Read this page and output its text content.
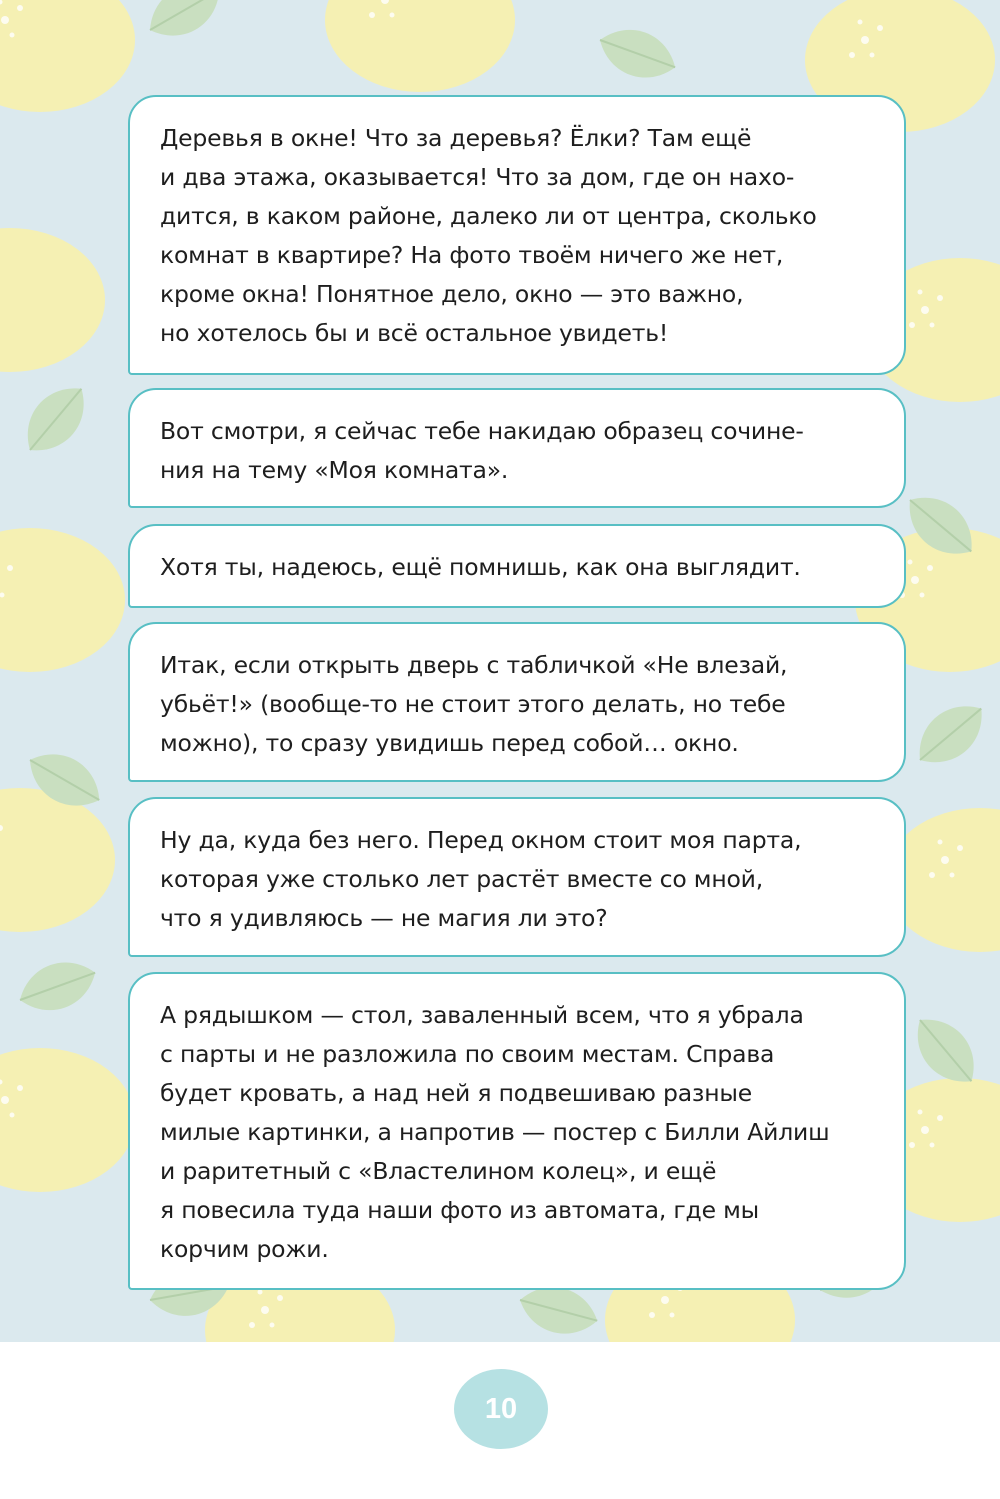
Деревья в окне! Что за деревья? Ёлки? Там ещё
и два этажа, оказывается! Что за дом, где он нахо-
дится, в каком районе, далеко ли от центра, сколько
комнат в квартире? На фото твоём ничего же нет,
кроме окна! Понятное дело, окно — это важно,
но хотелось бы и всё остальное увидеть!

Вот смотри, я сейчас тебе накидаю образец сочине-
ния на тему «Моя комната».

Хотя ты, надеюсь, ещё помнишь, как она выглядит.

Итак, если открыть дверь с табличкой «Не влезай,
убьёт!» (вообще-то не стоит этого делать, но тебе
можно), то сразу увидишь перед собой… окно.

Ну да, куда без него. Перед окном стоит моя парта,
которая уже столько лет растёт вместе со мной,
что я удивляюсь — не магия ли это?

А рядышком — стол, заваленный всем, что я убрала
с парты и не разложила по своим местам. Справа
будет кровать, а над ней я подвешиваю разные
милые картинки, а напротив — постер с Билли Айлиш
и раритетный с «Властелином колец», и ещё
я повесила туда наши фото из автомата, где мы
корчим рожи.

10
